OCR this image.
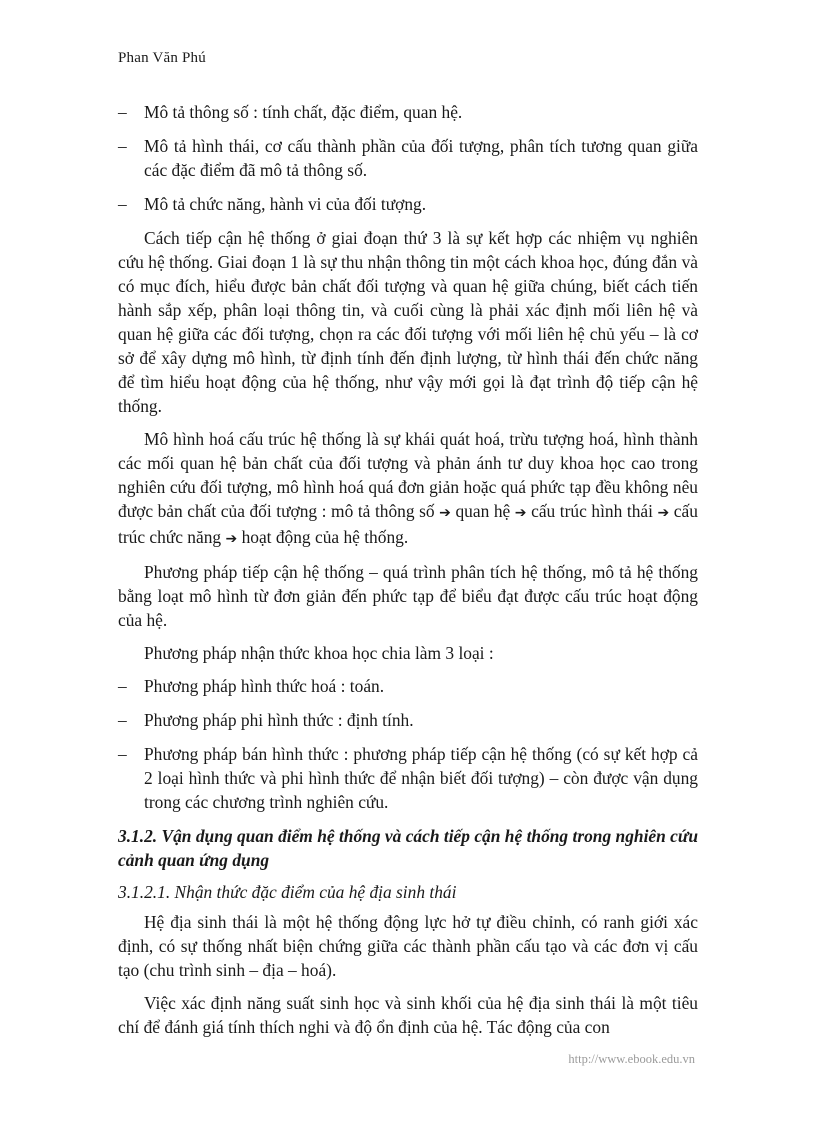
Phan Văn Phú
– Mô tả thông số : tính chất, đặc điểm, quan hệ.
– Mô tả hình thái, cơ cấu thành phần của đối tượng, phân tích tương quan giữa các đặc điểm đã mô tả thông số.
– Mô tả chức năng, hành vi của đối tượng.

Cách tiếp cận hệ thống ở giai đoạn thứ 3 là sự kết hợp các nhiệm vụ nghiên cứu hệ thống. Giai đoạn 1 là sự thu nhận thông tin một cách khoa học, đúng đắn và có mục đích, hiểu được bản chất đối tượng và quan hệ giữa chúng, biết cách tiến hành sắp xếp, phân loại thông tin, và cuối cùng là phải xác định mối liên hệ và quan hệ giữa các đối tượng, chọn ra các đối tượng với mối liên hệ chủ yếu – là cơ sở để xây dựng mô hình, từ định tính đến định lượng, từ hình thái đến chức năng để tìm hiểu hoạt động của hệ thống, như vậy mới gọi là đạt trình độ tiếp cận hệ thống.

Mô hình hoá cấu trúc hệ thống là sự khái quát hoá, trừu tượng hoá, hình thành các mối quan hệ bản chất của đối tượng và phản ánh tư duy khoa học cao trong nghiên cứu đối tượng, mô hình hoá quá đơn giản hoặc quá phức tạp đều không nêu được bản chất của đối tượng : mô tả thông số ➔ quan hệ ➔ cấu trúc hình thái ➔ cấu trúc chức năng ➔ hoạt động của hệ thống.

Phương pháp tiếp cận hệ thống – quá trình phân tích hệ thống, mô tả hệ thống bằng loạt mô hình từ đơn giản đến phức tạp để biểu đạt được cấu trúc hoạt động của hệ.

Phương pháp nhận thức khoa học chia làm 3 loại :

– Phương pháp hình thức hoá : toán.
– Phương pháp phi hình thức : định tính.
– Phương pháp bán hình thức : phương pháp tiếp cận hệ thống (có sự kết hợp cả 2 loại hình thức và phi hình thức để nhận biết đối tượng) – còn được vận dụng trong các chương trình nghiên cứu.
3.1.2. Vận dụng quan điểm hệ thống và cách tiếp cận hệ thống trong nghiên cứu cảnh quan ứng dụng
3.1.2.1. Nhận thức đặc điểm của hệ địa sinh thái

Hệ địa sinh thái là một hệ thống động lực hở tự điều chỉnh, có ranh giới xác định, có sự thống nhất biện chứng giữa các thành phần cấu tạo và các đơn vị cấu tạo (chu trình sinh – địa – hoá).

Việc xác định năng suất sinh học và sinh khối của hệ địa sinh thái là một tiêu chí để đánh giá tính thích nghi và độ ổn định của hệ. Tác động của con

http://www.ebook.edu.vn
